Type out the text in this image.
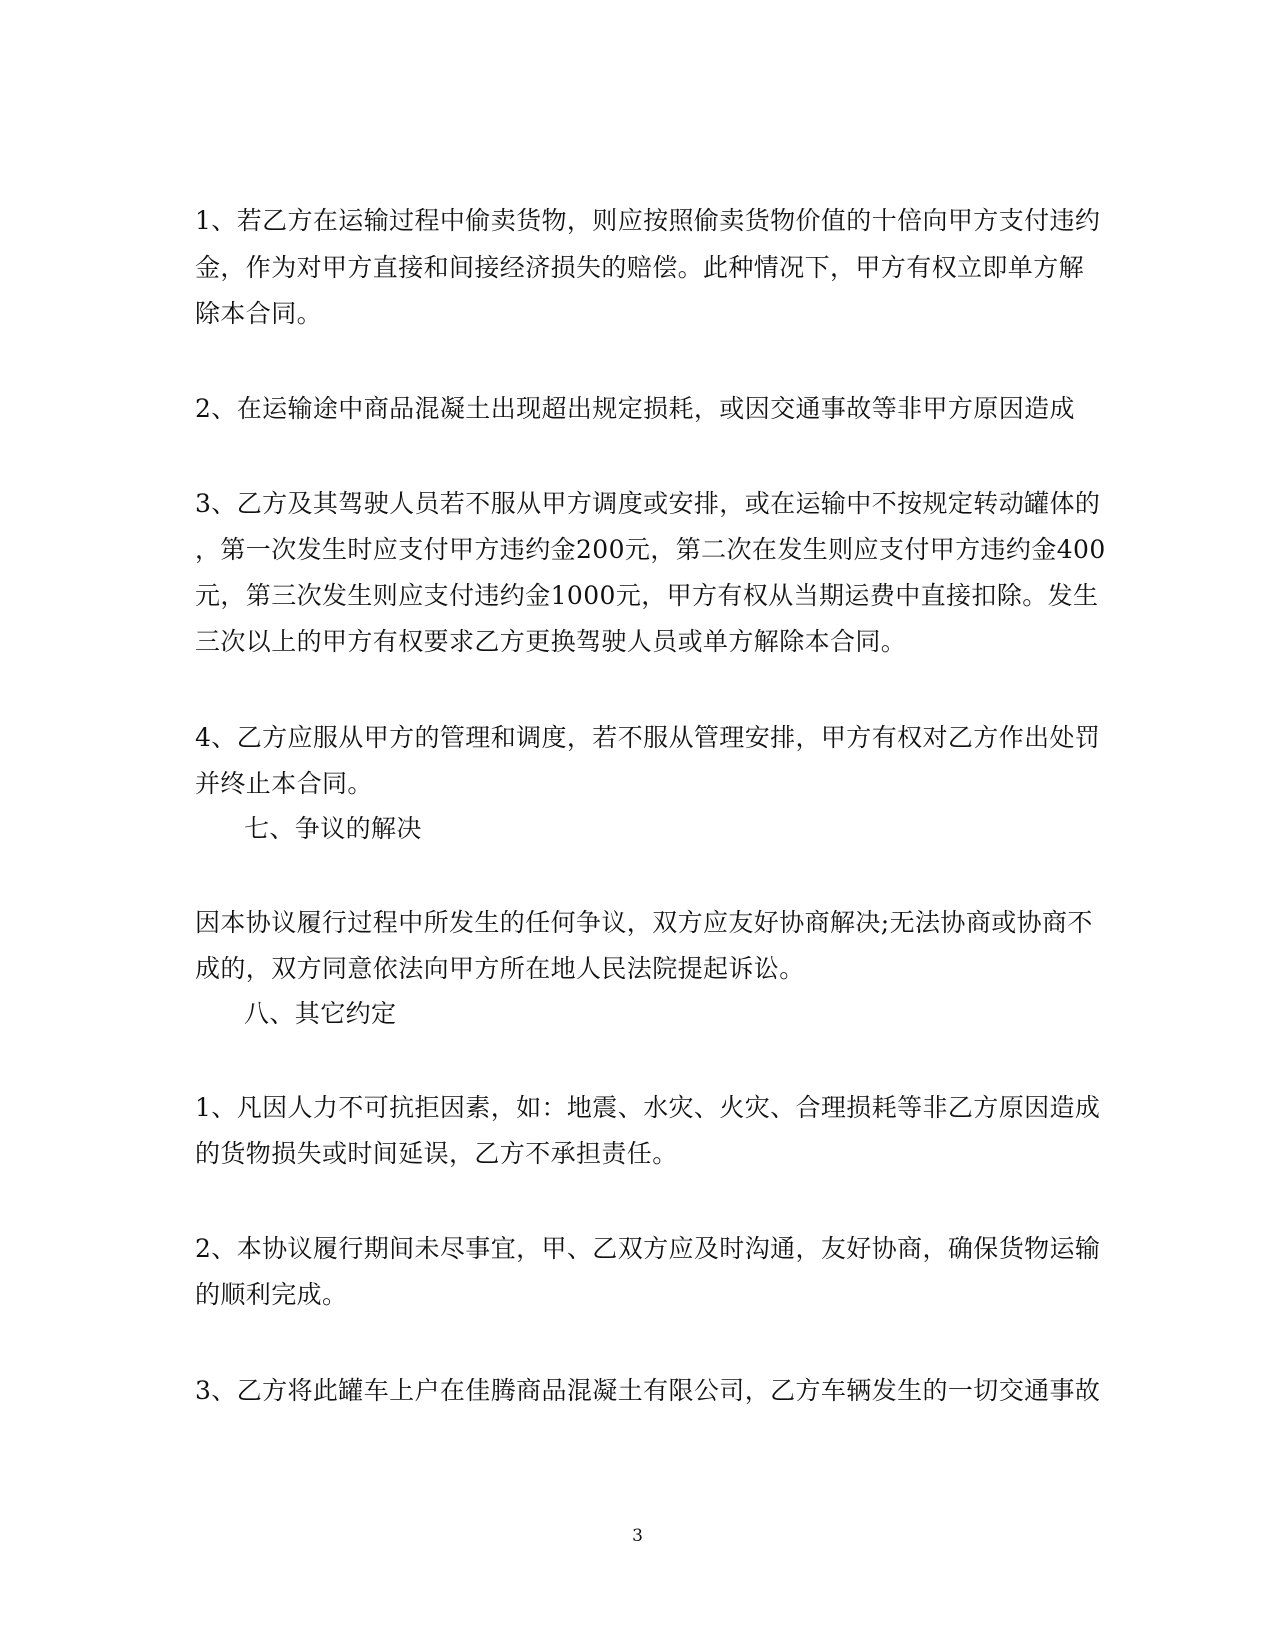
1、若乙方在运输过程中偷卖货物，则应按照偷卖货物价值的十倍向甲方支付违约
金，作为对甲方直接和间接经济损失的赔偿。此种情况下，甲方有权立即单方解
除本合同。
2、在运输途中商品混凝土出现超出规定损耗，或因交通事故等非甲方原因造成
3、乙方及其驾驶人员若不服从甲方调度或安排，或在运输中不按规定转动罐体的
，第一次发生时应支付甲方违约金200元，第二次在发生则应支付甲方违约金400
元，第三次发生则应支付违约金1000元，甲方有权从当期运费中直接扣除。发生
三次以上的甲方有权要求乙方更换驾驶人员或单方解除本合同。
4、乙方应服从甲方的管理和调度，若不服从管理安排，甲方有权对乙方作出处罚
并终止本合同。
七、争议的解决
因本协议履行过程中所发生的任何争议，双方应友好协商解决;无法协商或协商不
成的，双方同意依法向甲方所在地人民法院提起诉讼。
八、其它约定
1、凡因人力不可抗拒因素，如：地震、水灾、火灾、合理损耗等非乙方原因造成
的货物损失或时间延误，乙方不承担责任。
2、本协议履行期间未尽事宜，甲、乙双方应及时沟通，友好协商，确保货物运输
的顺利完成。
3、乙方将此罐车上户在佳腾商品混凝土有限公司，乙方车辆发生的一切交通事故
3
